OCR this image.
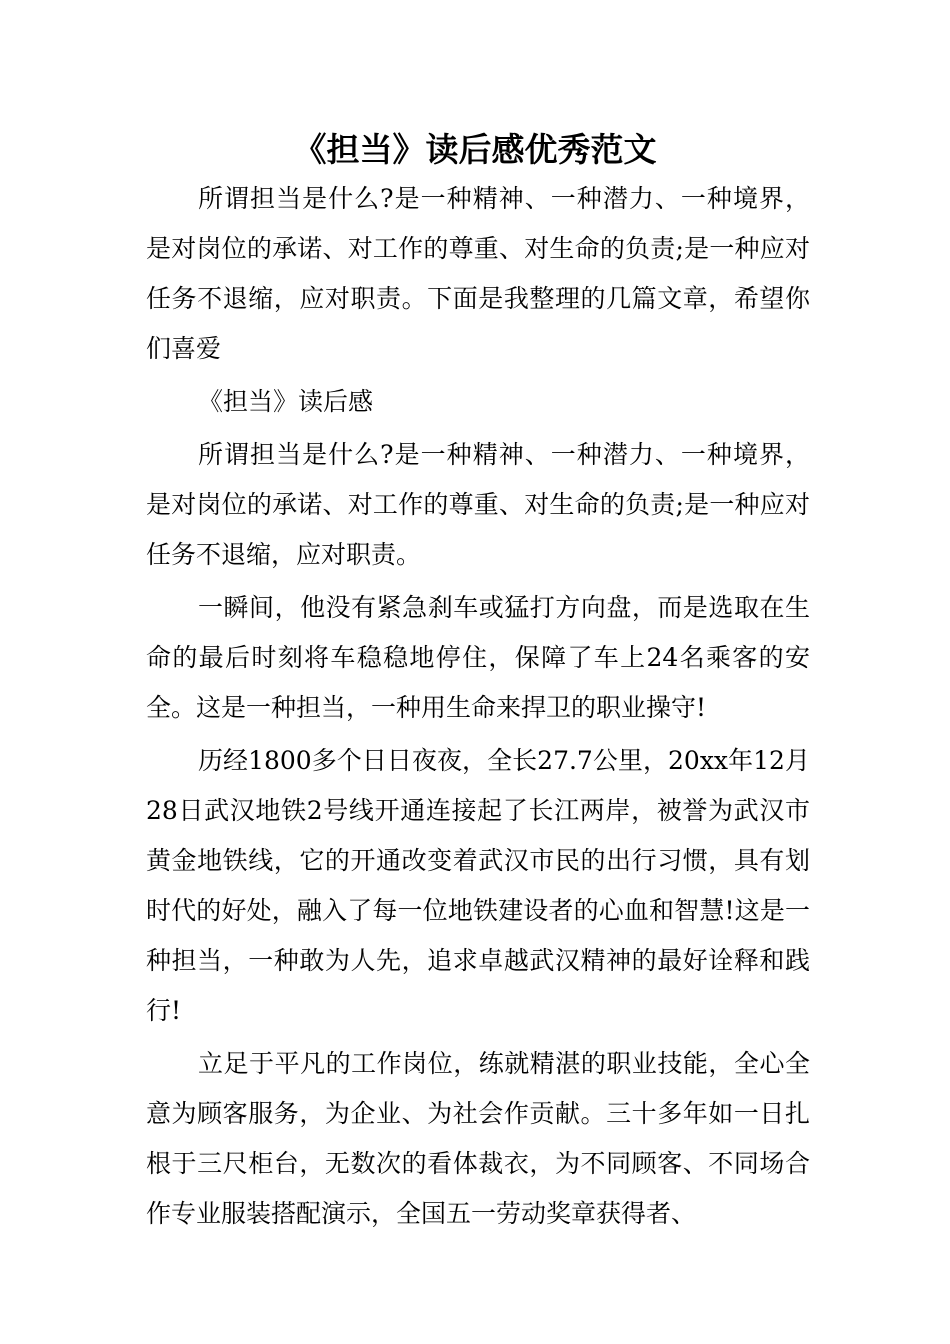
《担当》读后感优秀范文

所谓担当是什么?是一种精神、一种潜力、一种境界，是对岗位的承诺、对工作的尊重、对生命的负责;是一种应对任务不退缩，应对职责。下面是我整理的几篇文章，希望你们喜爱

《担当》读后感

所谓担当是什么?是一种精神、一种潜力、一种境界，是对岗位的承诺、对工作的尊重、对生命的负责;是一种应对任务不退缩，应对职责。

一瞬间，他没有紧急刹车或猛打方向盘，而是选取在生命的最后时刻将车稳稳地停住，保障了车上24名乘客的安全。这是一种担当，一种用生命来捍卫的职业操守!

历经1800多个日日夜夜，全长27.7公里，20xx年12月28日武汉地铁2号线开通连接起了长江两岸，被誉为武汉市黄金地铁线，它的开通改变着武汉市民的出行习惯，具有划时代的好处，融入了每一位地铁建设者的心血和智慧!这是一种担当，一种敢为人先，追求卓越武汉精神的最好诠释和践行!

立足于平凡的工作岗位，练就精湛的职业技能，全心全意为顾客服务，为企业、为社会作贡献。三十多年如一日扎根于三尺柜台，无数次的看体裁衣，为不同顾客、不同场合作专业服装搭配演示，全国五一劳动奖章获得者、
